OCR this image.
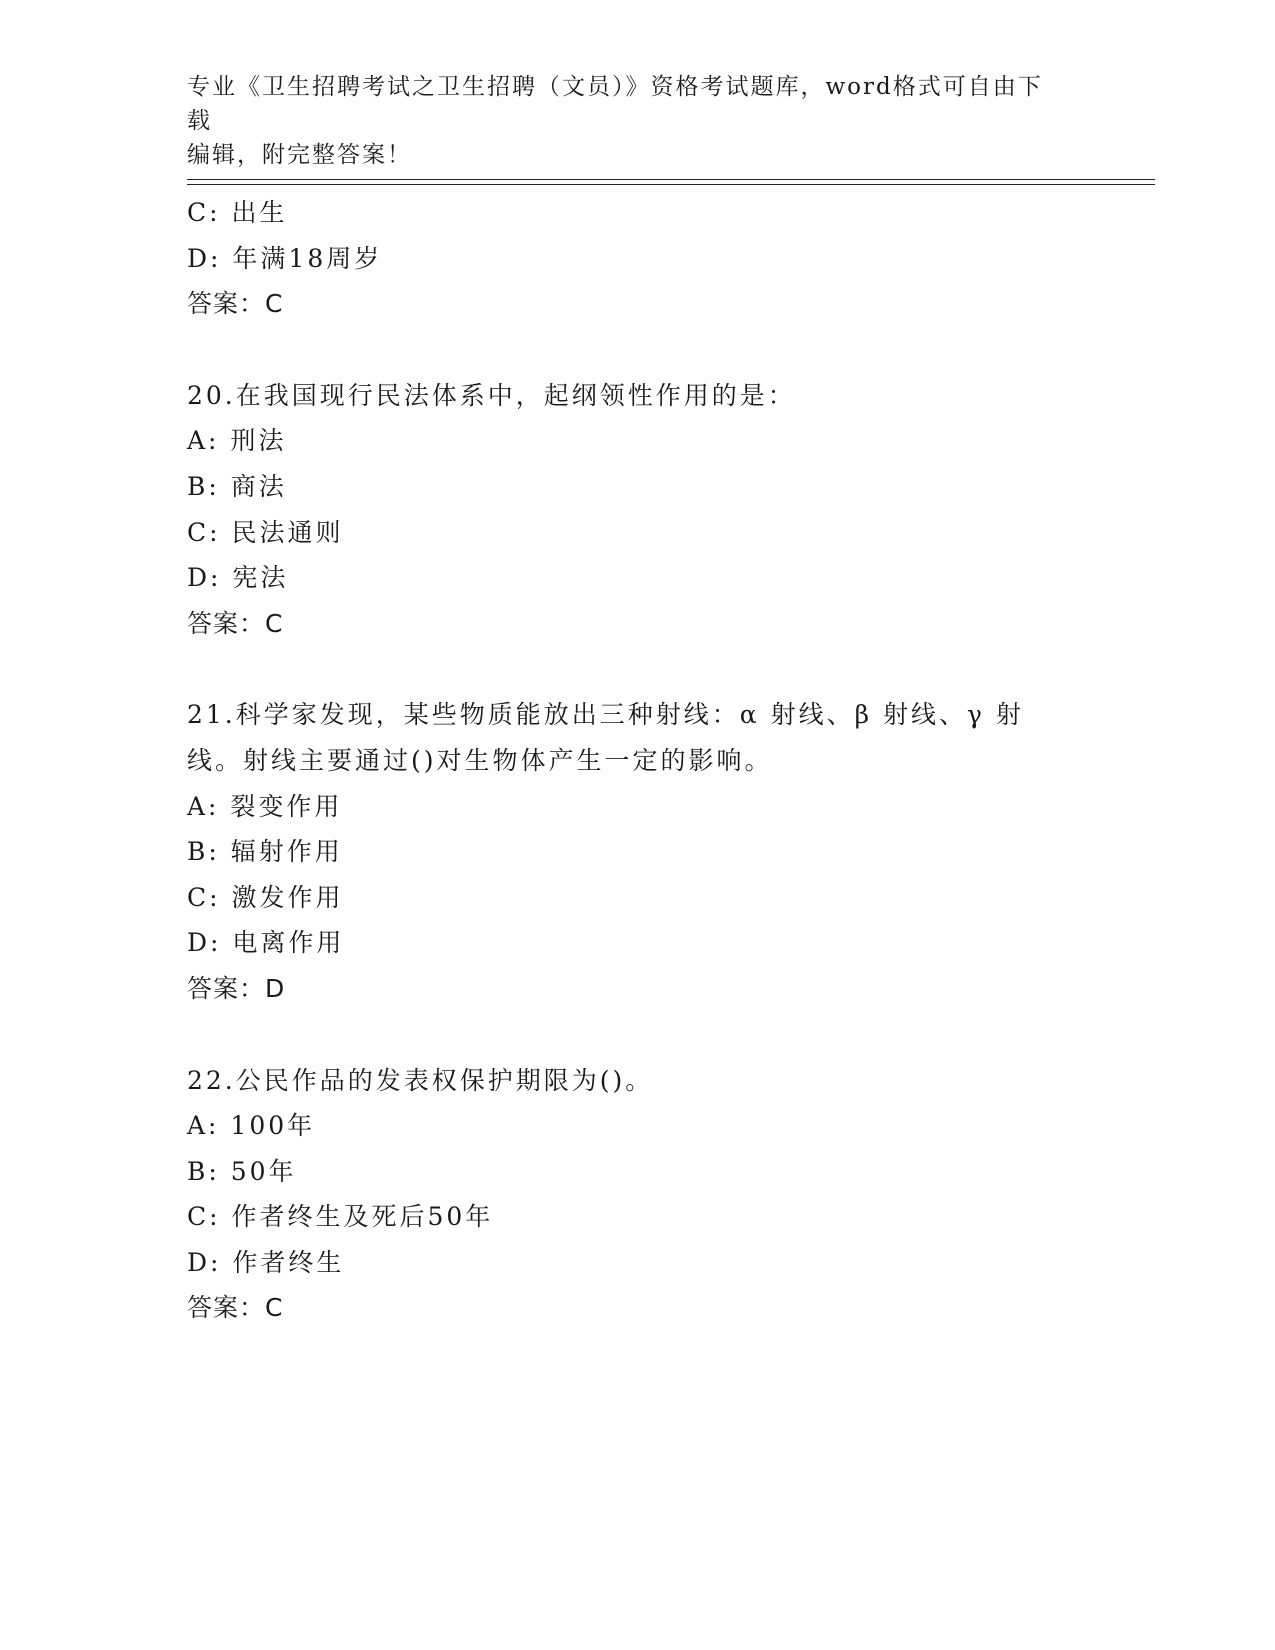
专业《卫生招聘考试之卫生招聘（文员）》资格考试题库，word格式可自由下载
编辑，附完整答案！
C: 出生
D: 年满18周岁
答案：C
20.在我国现行民法体系中，起纲领性作用的是：
A: 刑法
B: 商法
C: 民法通则
D: 宪法
答案：C
21.科学家发现，某些物质能放出三种射线：α 射线、β 射线、γ 射
线。射线主要通过()对生物体产生一定的影响。
A: 裂变作用
B: 辐射作用
C: 激发作用
D: 电离作用
答案：D
22.公民作品的发表权保护期限为()。
A: 100年
B: 50年
C: 作者终生及死后50年
D: 作者终生
答案：C
